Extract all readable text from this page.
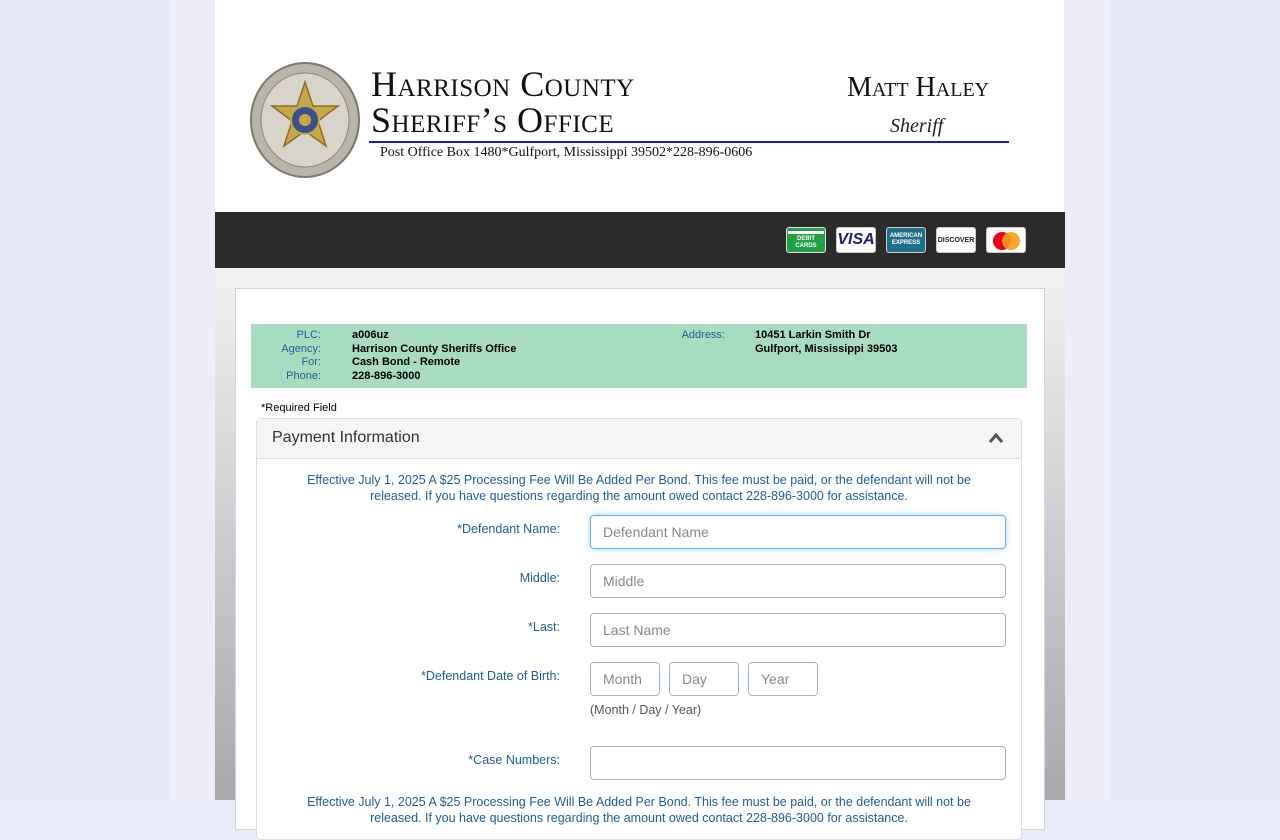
Harrison County
Sheriff’s Office
Matt Haley
Sheriff
Post Office Box 1480*Gulfport, Mississippi 39502*228-896-0606
DEBIT CARDS	VISA	AMERICAN EXPRESS	DISCOVER
PLC:	a006uz
Agency:	Harrison County Sheriffs Office
For:	Cash Bond - Remote
Phone:	228-896-3000
Address:	10451 Larkin Smith Dr
Gulfport, Mississippi 39503
*Required Field
Payment Information
Effective July 1, 2025 A $25 Processing Fee Will Be Added Per Bond. This fee must be paid, or the defendant will not be released. If you have questions regarding the amount owed contact 228-896-3000 for assistance.
*Defendant Name:
Defendant Name
Middle:
Middle
*Last:
Last Name
*Defendant Date of Birth:
Month
Day
Year
(Month / Day / Year)
*Case Numbers:
Effective July 1, 2025 A $25 Processing Fee Will Be Added Per Bond. This fee must be paid, or the defendant will not be released. If you have questions regarding the amount owed contact 228-896-3000 for assistance.
